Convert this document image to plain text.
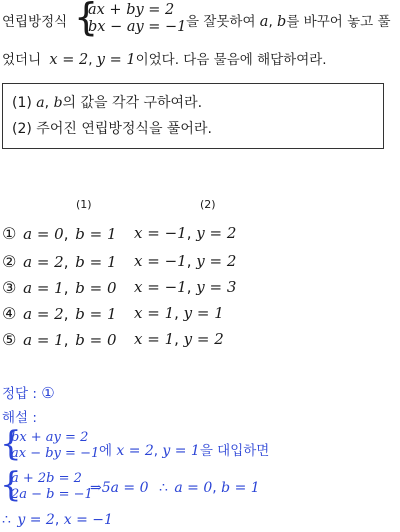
연립방정식 {
ax + by = 2
bx − ay = −1 을 잘못하여 a, b를 바꾸어 놓고 풀
었더니 x = 2, y = 1이었다. 다음 물음에 해답하여라.
(1) a, b의 값을 각각 구하여라.
(2) 주어진 연립방정식을 풀어라.
(1)	(2)
① a = 0, b = 1 x = −1, y = 2
② a = 2, b = 1 x = −1, y = 2
③ a = 1, b = 0 x = −1, y = 3
④ a = 2, b = 1 x = 1, y = 1
⑤ a = 1, b = 0 x = 1, y = 2
정답 : ①
해설 :
{
bx + ay = 2
ax − by = −1 에 x = 2, y = 1을 대입하면
{
a + 2b = 2
2a − b = −1
⇒5a = 0 ∴ a = 0, b = 1
∴ y = 2, x = −1
